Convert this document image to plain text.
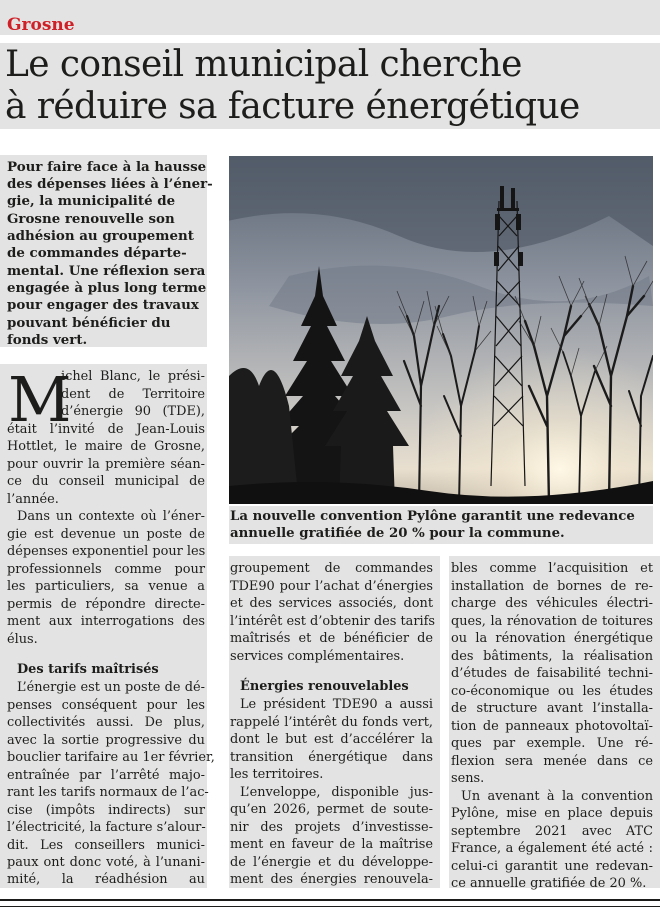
Grosne
Le conseil municipal cherche
à réduire sa facture énergétique
Pour faire face à la hausse
des dépenses liées à l’éner-
gie, la municipalité de
Grosne renouvelle son
adhésion au groupement
de commandes départe-
mental. Une réflexion sera
engagée à plus long terme
pour engager des travaux
pouvant bénéficier du
fonds vert.
La nouvelle convention Pylône garantit une redevance
annuelle gratifiée de 20 % pour la commune.
M
ichel Blanc, le prési-
dent de Territoire
d’énergie 90 (TDE),
était l’invité de Jean-Louis
Hottlet, le maire de Grosne,
pour ouvrir la première séan-
ce du conseil municipal de
l’année.
Dans un contexte où l’éner-
gie est devenue un poste de
dépenses exponentiel pour les
professionnels comme pour
les particuliers, sa venue a
permis de répondre directe-
ment aux interrogations des
élus.
Des tarifs maîtrisés
L’énergie est un poste de dé-
penses conséquent pour les
collectivités aussi. De plus,
avec la sortie progressive du
bouclier tarifaire au 1er février,
entraînée par l’arrêté majo-
rant les tarifs normaux de l’ac-
cise (impôts indirects) sur
l’électricité, la facture s’alour-
dit. Les conseillers munici-
paux ont donc voté, à l’unani-
mité, la réadhésion au
groupement de commandes
TDE90 pour l’achat d’énergies
et des services associés, dont
l’intérêt est d’obtenir des tarifs
maîtrisés et de bénéficier de
services complémentaires.
Énergies renouvelables
Le président TDE90 a aussi
rappelé l’intérêt du fonds vert,
dont le but est d’accélérer la
transition énergétique dans
les territoires.
L’enveloppe, disponible jus-
qu’en 2026, permet de soute-
nir des projets d’investisse-
ment en faveur de la maîtrise
de l’énergie et du développe-
ment des énergies renouvela-
bles comme l’acquisition et
installation de bornes de re-
charge des véhicules électri-
ques, la rénovation de toitures
ou la rénovation énergétique
des bâtiments, la réalisation
d’études de faisabilité techni-
co-économique ou les études
de structure avant l’installa-
tion de panneaux photovoltaï-
ques par exemple. Une ré-
flexion sera menée dans ce
sens.
Un avenant à la convention
Pylône, mise en place depuis
septembre 2021 avec ATC
France, a également été acté :
celui-ci garantit une redevan-
ce annuelle gratifiée de 20 %.
